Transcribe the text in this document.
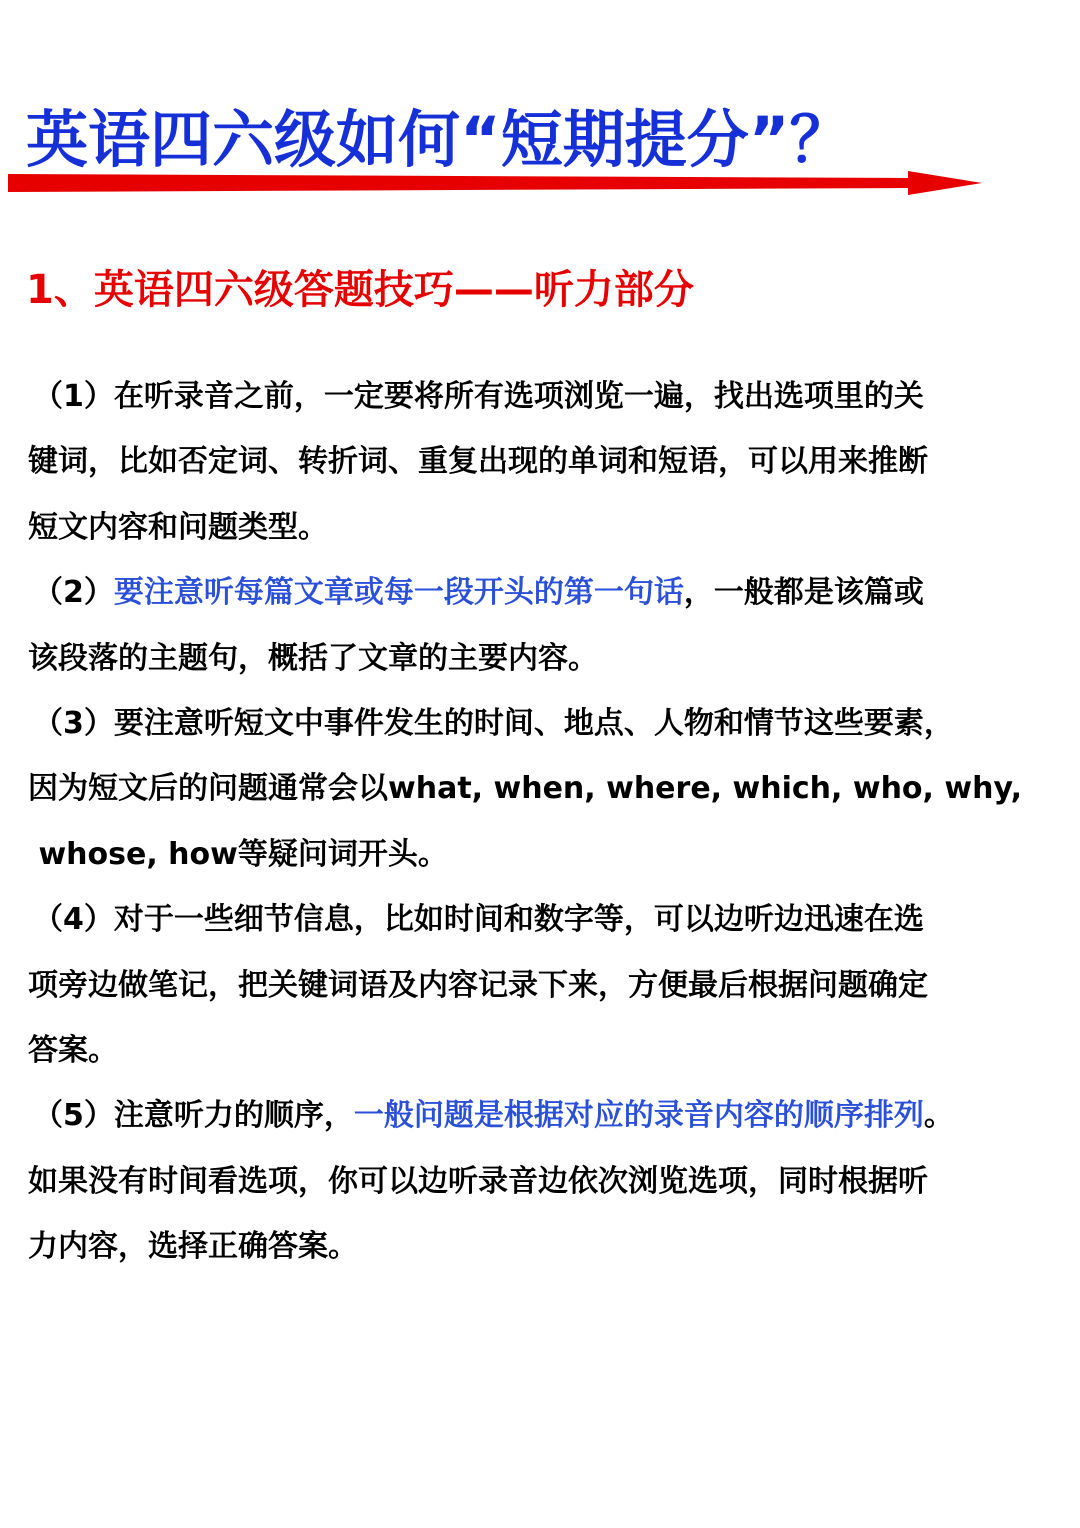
英语四六级如何“短期提分”？
1、英语四六级答题技巧——听力部分
（1）在听录音之前，一定要将所有选项浏览一遍，找出选项里的关
键词，比如否定词、转折词、重复出现的单词和短语，可以用来推断
短文内容和问题类型。
（2）要注意听每篇文章或每一段开头的第一句话，一般都是该篇或
该段落的主题句，概括了文章的主要内容。
（3）要注意听短文中事件发生的时间、地点、人物和情节这些要素，
因为短文后的问题通常会以what, when, where, which, who, why,
whose, how等疑问词开头。
（4）对于一些细节信息，比如时间和数字等，可以边听边迅速在选
项旁边做笔记，把关键词语及内容记录下来，方便最后根据问题确定
答案。
（5）注意听力的顺序，一般问题是根据对应的录音内容的顺序排列。
如果没有时间看选项，你可以边听录音边依次浏览选项，同时根据听
力内容，选择正确答案。
